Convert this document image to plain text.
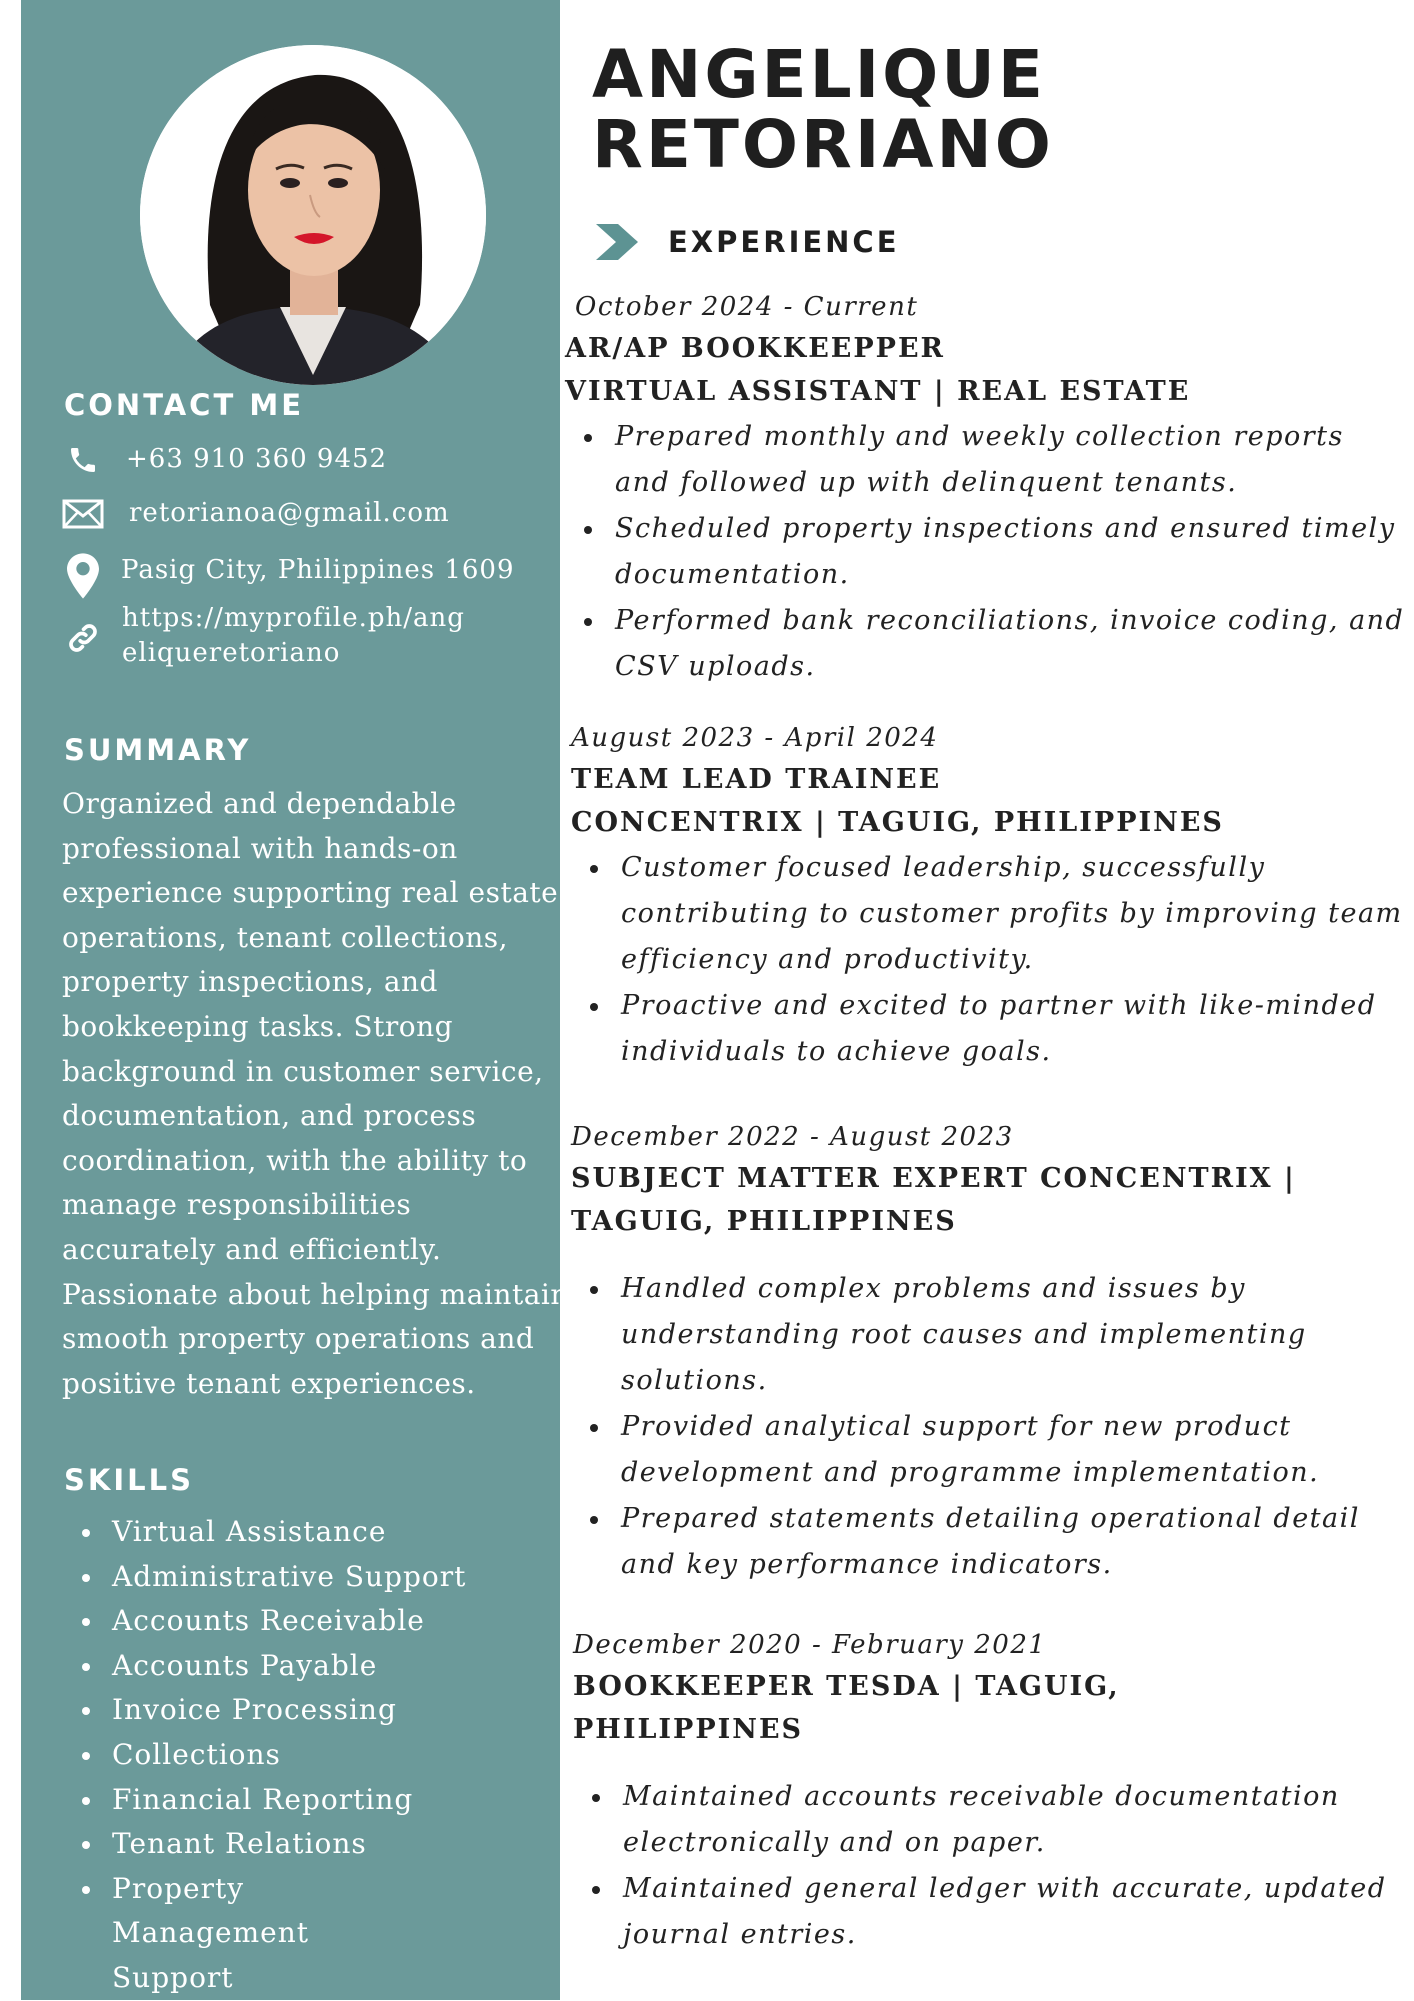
CONTACT ME
+63 910 360 9452
retorianoa@gmail.com
Pasig City, Philippines 1609
https://myprofile.ph/ang
eliqueretoriano
SUMMARY

Organized and dependable professional with hands-on experience supporting real estate operations, tenant collections, property inspections, and bookkeeping tasks. Strong background in customer service, documentation, and process coordination, with the ability to manage responsibilities accurately and efficiently. Passionate about helping maintain smooth property operations and positive tenant experiences.

SKILLS
Virtual Assistance
Administrative Support
Accounts Receivable
Accounts Payable
Invoice Processing
Collections
Financial Reporting
Tenant Relations
Property Management Support
ANGELIQUE
RETORIANO
EXPERIENCE

October 2024 - Current

AR/AP BOOKKEEPPER

VIRTUAL ASSISTANT | REAL ESTATE

Prepared monthly and weekly collection reports and followed up with delinquent tenants.
Scheduled property inspections and ensured timely documentation.
Performed bank reconciliations, invoice coding, and CSV uploads.

August 2023 - April 2024

TEAM LEAD TRAINEE

CONCENTRIX | TAGUIG, PHILIPPINES

Customer focused leadership, successfully contributing to customer profits by improving team efficiency and productivity.
Proactive and excited to partner with like-minded individuals to achieve goals.

December 2022 - August 2023

SUBJECT MATTER EXPERT CONCENTRIX |

TAGUIG, PHILIPPINES

Handled complex problems and issues by understanding root causes and implementing solutions.
Provided analytical support for new product development and programme implementation.
Prepared statements detailing operational detail and key performance indicators.

December 2020 - February 2021

BOOKKEEPER TESDA | TAGUIG,

PHILIPPINES

Maintained accounts receivable documentation electronically and on paper.
Maintained general ledger with accurate, updated journal entries.
